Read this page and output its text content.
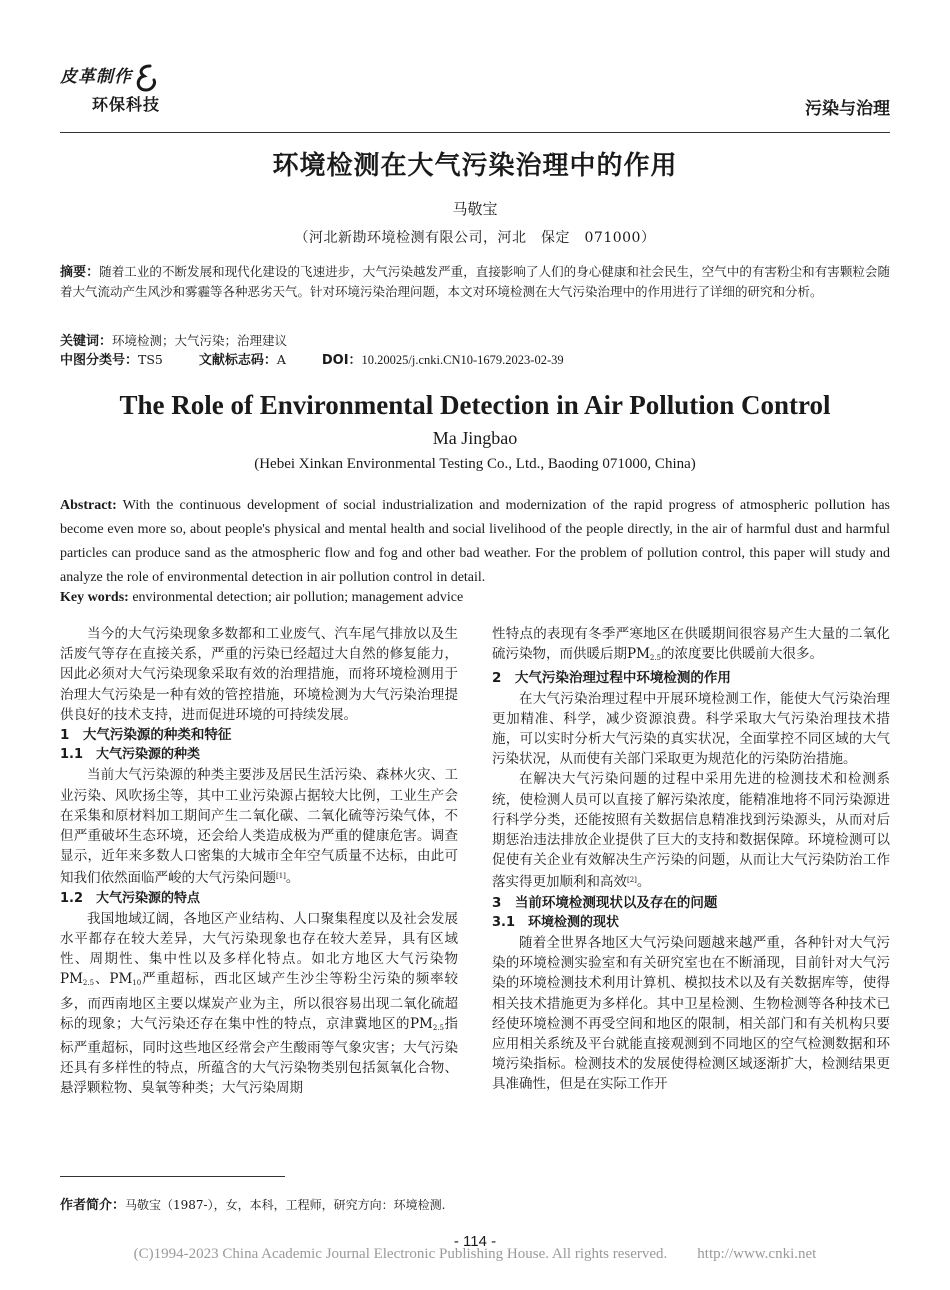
皮革制作
环保科技	污染与治理
环境检测在大气污染治理中的作用
马敬宝
（河北新勘环境检测有限公司，河北　保定　071000）
摘要：随着工业的不断发展和现代化建设的飞速进步，大气污染越发严重，直接影响了人们的身心健康和社会民生，空气中的有害粉尘和有害颗粒会随着大气流动产生风沙和雾霾等各种恶劣天气。针对环境污染治理问题，本文对环境检测在大气污染治理中的作用进行了详细的研究和分析。
关键词：环境检测；大气污染；治理建议
中图分类号：TS5	文献标志码：A	DOI：10.20025/j.cnki.CN10-1679.2023-02-39
The Role of Environmental Detection in Air Pollution Control
Ma Jingbao
(Hebei Xinkan Environmental Testing Co., Ltd., Baoding 071000, China)
Abstract: With the continuous development of social industrialization and modernization of the rapid progress of atmospheric pollution has become even more so, about people's physical and mental health and social livelihood of the people directly, in the air of harmful dust and harmful particles can produce sand as the atmospheric flow and fog and other bad weather. For the problem of pollution control, this paper will study and analyze the role of environmental detection in air pollution control in detail.
Key words: environmental detection; air pollution; management advice

当今的大气污染现象多数都和工业废气、汽车尾气排放以及生活废气等存在直接关系，严重的污染已经超过大自然的修复能力，因此必须对大气污染现象采取有效的治理措施，而将环境检测用于治理大气污染是一种有效的管控措施，环境检测为大气污染治理提供良好的技术支持，进而促进环境的可持续发展。

1　大气污染源的种类和特征
1.1　大气污染源的种类

当前大气污染源的种类主要涉及居民生活污染、森林火灾、工业污染、风吹扬尘等，其中工业污染源占据较大比例，工业生产会在采集和原材料加工期间产生二氧化碳、二氧化硫等污染气体，不但严重破坏生态环境，还会给人类造成极为严重的健康危害。调查显示，近年来多数人口密集的大城市全年空气质量不达标，由此可知我们依然面临严峻的大气污染问题[1]。

1.2　大气污染源的特点

我国地域辽阔，各地区产业结构、人口聚集程度以及社会发展水平都存在较大差异，大气污染现象也存在较大差异，具有区域性、周期性、集中性以及多样化特点。如北方地区大气污染物$PM_{2.5}$、$PM_{10}$严重超标，西北区域产生沙尘等粉尘污染的频率较多，而西南地区主要以煤炭产业为主，所以很容易出现二氧化硫超标的现象；大气污染还存在集中性的特点，京津冀地区的$PM_{2.5}$指标严重超标，同时这些地区经常会产生酸雨等气象灾害；大气污染还具有多样性的特点，所蕴含的大气污染物类别包括氮氧化合物、悬浮颗粒物、臭氧等种类；大气污染周期

性特点的表现有冬季严寒地区在供暖期间很容易产生大量的二氧化硫污染物，而供暖后期$PM_{2.5}$的浓度要比供暖前大很多。

2　大气污染治理过程中环境检测的作用

在大气污染治理过程中开展环境检测工作，能使大气污染治理更加精准、科学，减少资源浪费。科学采取大气污染治理技术措施，可以实时分析大气污染的真实状况，全面掌控不同区域的大气污染状况，从而使有关部门采取更为规范化的污染防治措施。

在解决大气污染问题的过程中采用先进的检测技术和检测系统，使检测人员可以直接了解污染浓度，能精准地将不同污染源进行科学分类，还能按照有关数据信息精准找到污染源头，从而对后期惩治违法排放企业提供了巨大的支持和数据保障。环境检测可以促使有关企业有效解决生产污染的问题，从而让大气污染防治工作落实得更加顺利和高效[2]。

3　当前环境检测现状以及存在的问题
3.1　环境检测的现状

随着全世界各地区大气污染问题越来越严重，各种针对大气污染的环境检测实验室和有关研究室也在不断涌现，目前针对大气污染的环境检测技术利用计算机、模拟技术以及有关数据库等，使得相关技术措施更为多样化。其中卫星检测、生物检测等各种技术已经使环境检测不再受空间和地区的限制，相关部门和有关机构只要应用相关系统及平台就能直接观测到不同地区的空气检测数据和环境污染指标。检测技术的发展使得检测区域逐渐扩大，检测结果更具准确性，但是在实际工作开

作者简介：马敬宝（1987-），女，本科，工程师，研究方向：环境检测.
- 114 -
(C)1994-2023 China Academic Journal Electronic Publishing House. All rights reserved.　　http://www.cnki.net
